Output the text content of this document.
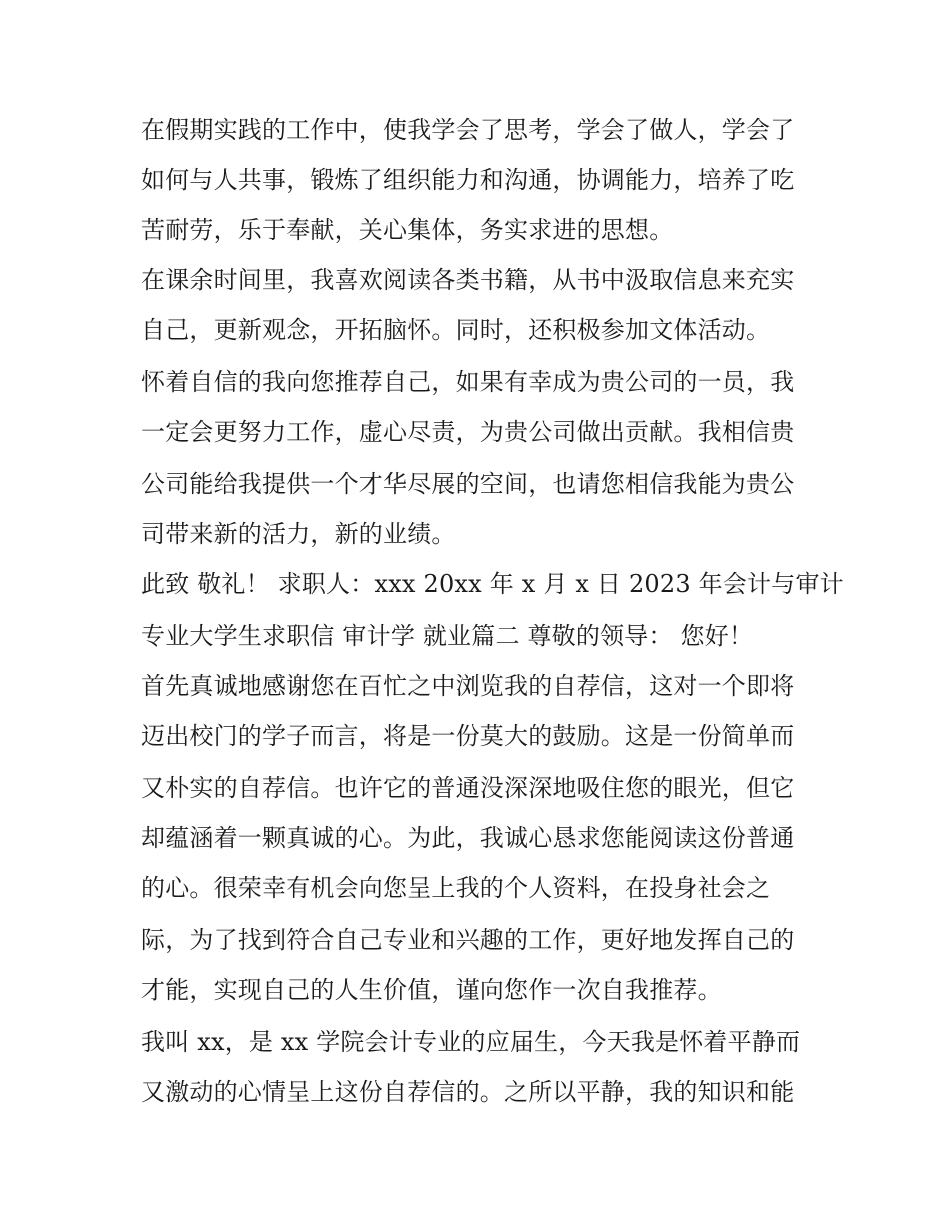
在假期实践的工作中，使我学会了思考，学会了做人，学会了
如何与人共事，锻炼了组织能力和沟通，协调能力，培养了吃
苦耐劳，乐于奉献，关心集体，务实求进的思想。
在课余时间里，我喜欢阅读各类书籍，从书中汲取信息来充实
自己，更新观念，开拓脑怀。同时，还积极参加文体活动。
怀着自信的我向您推荐自己，如果有幸成为贵公司的一员，我
一定会更努力工作，虚心尽责，为贵公司做出贡献。我相信贵
公司能给我提供一个才华尽展的空间，也请您相信我能为贵公
司带来新的活力，新的业绩。
此致 敬礼！ 求职人：xxx 20xx 年 x 月 x 日 2023 年会计与审计
专业大学生求职信 审计学 就业篇二 尊敬的领导： 您好！
首先真诚地感谢您在百忙之中浏览我的自荐信，这对一个即将
迈出校门的学子而言，将是一份莫大的鼓励。这是一份简单而
又朴实的自荐信。也许它的普通没深深地吸住您的眼光，但它
却蕴涵着一颗真诚的心。为此，我诚心恳求您能阅读这份普通
的心。很荣幸有机会向您呈上我的个人资料，在投身社会之
际，为了找到符合自己专业和兴趣的工作，更好地发挥自己的
才能，实现自己的人生价值，谨向您作一次自我推荐。
我叫 xx，是 xx 学院会计专业的应届生，今天我是怀着平静而
又激动的心情呈上这份自荐信的。之所以平静，我的知识和能
